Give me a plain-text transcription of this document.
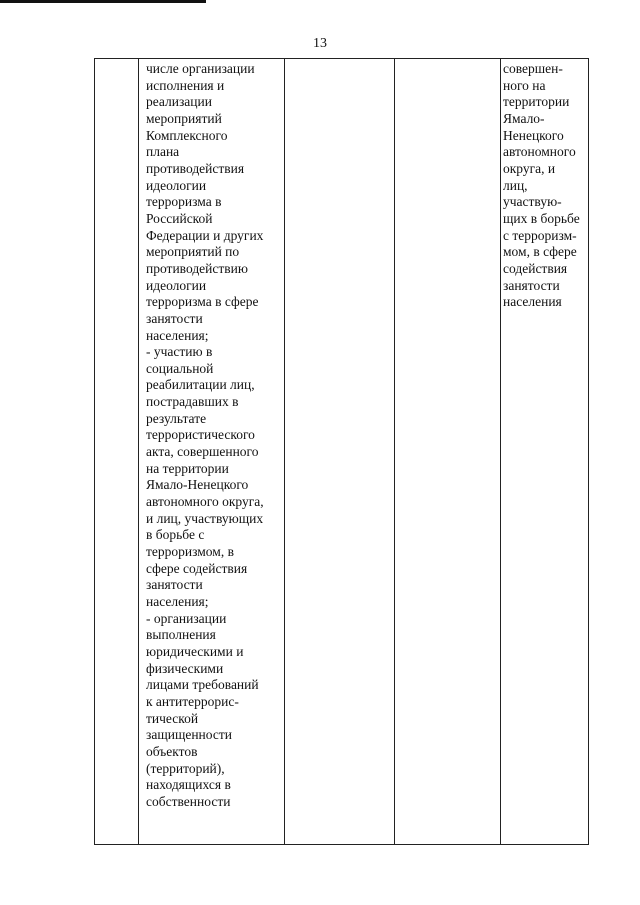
13
числе организации
исполнения и
реализации
мероприятий
Комплексного
плана
противодействия
идеологии
терроризма в
Российской
Федерации и других
мероприятий по
противодействию
идеологии
терроризма в сфере
занятости
населения;
- участию в
социальной
реабилитации лиц,
пострадавших в
результате
террористического
акта, совершенного
на территории
Ямало-Ненецкого
автономного округа,
и лиц, участвующих
в борьбе с
терроризмом, в
сфере содействия
занятости
населения;
- организации
выполнения
юридическими и
физическими
лицами требований
к антитеррорис-
тической
защищенности
объектов
(территорий),
находящихся в
собственности
совершен-
ного на
территории
Ямало-
Ненецкого
автономного
округа, и
лиц,
участвую-
щих в борьбе
с терроризм-
мом, в сфере
содействия
занятости
населения
